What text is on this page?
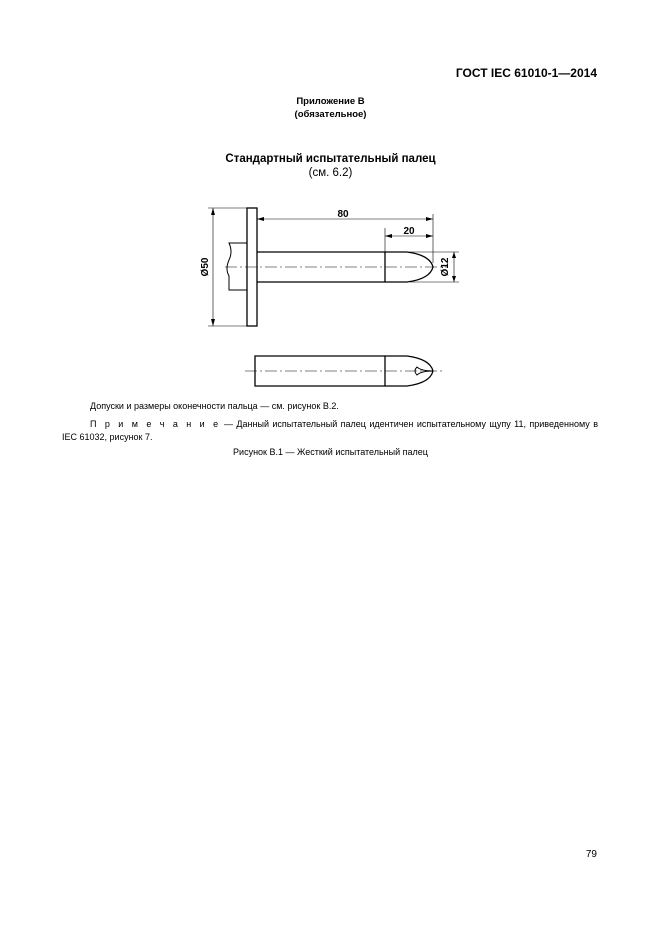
ГОСТ IEC 61010-1—2014
Приложение В
(обязательное)
Стандартный испытательный палец
(см. 6.2)
80
20
Ø12
Ø50
Допуски и размеры оконечности пальца — см. рисунок В.2.
П р и м е ч а н и е — Данный испытательный палец идентичен испытательному щупу 11, приведенному в IEC 61032, рисунок 7.
Рисунок В.1 — Жесткий испытательный палец
79
